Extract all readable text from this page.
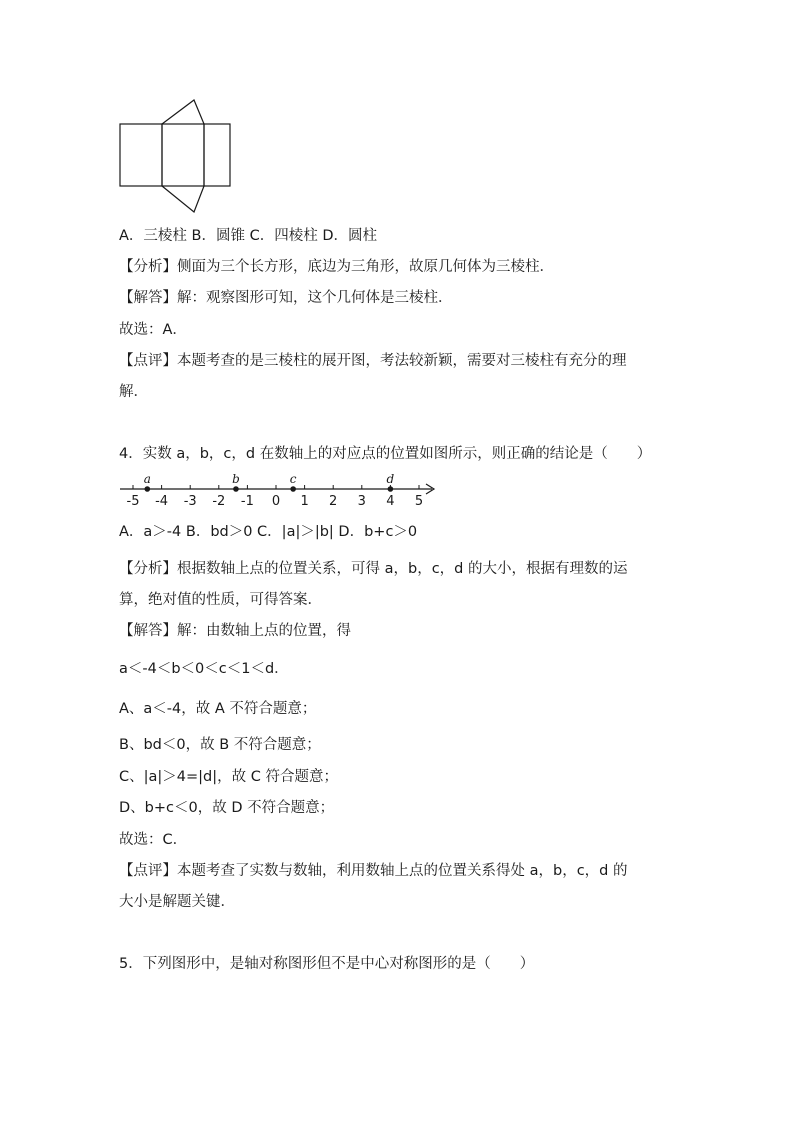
A．三棱柱 B．圆锥 C．四棱柱 D．圆柱
【分析】侧面为三个长方形，底边为三角形，故原几何体为三棱柱．
【解答】解：观察图形可知，这个几何体是三棱柱．
故选：A．
【点评】本题考查的是三棱柱的展开图，考法较新颖，需要对三棱柱有充分的理
解．
4．实数 a，b，c，d 在数轴上的对应点的位置如图所示，则正确的结论是（　　）
-5 -4 -3 -2 -1 0 1 2 3 4 5
a	b	c	d
A．a＞-4 B．bd＞0 C．|a|＞|b| D．b+c＞0
【分析】根据数轴上点的位置关系，可得 a，b，c，d 的大小，根据有理数的运
算，绝对值的性质，可得答案．
【解答】解：由数轴上点的位置，得
a＜-4＜b＜0＜c＜1＜d．
A、a＜-4，故 A 不符合题意；
B、bd＜0，故 B 不符合题意；
C、|a|＞4=|d|，故 C 符合题意；
D、b+c＜0，故 D 不符合题意；
故选：C．
【点评】本题考查了实数与数轴，利用数轴上点的位置关系得处 a，b，c，d 的
大小是解题关键．
5．下列图形中，是轴对称图形但不是中心对称图形的是（　　）
